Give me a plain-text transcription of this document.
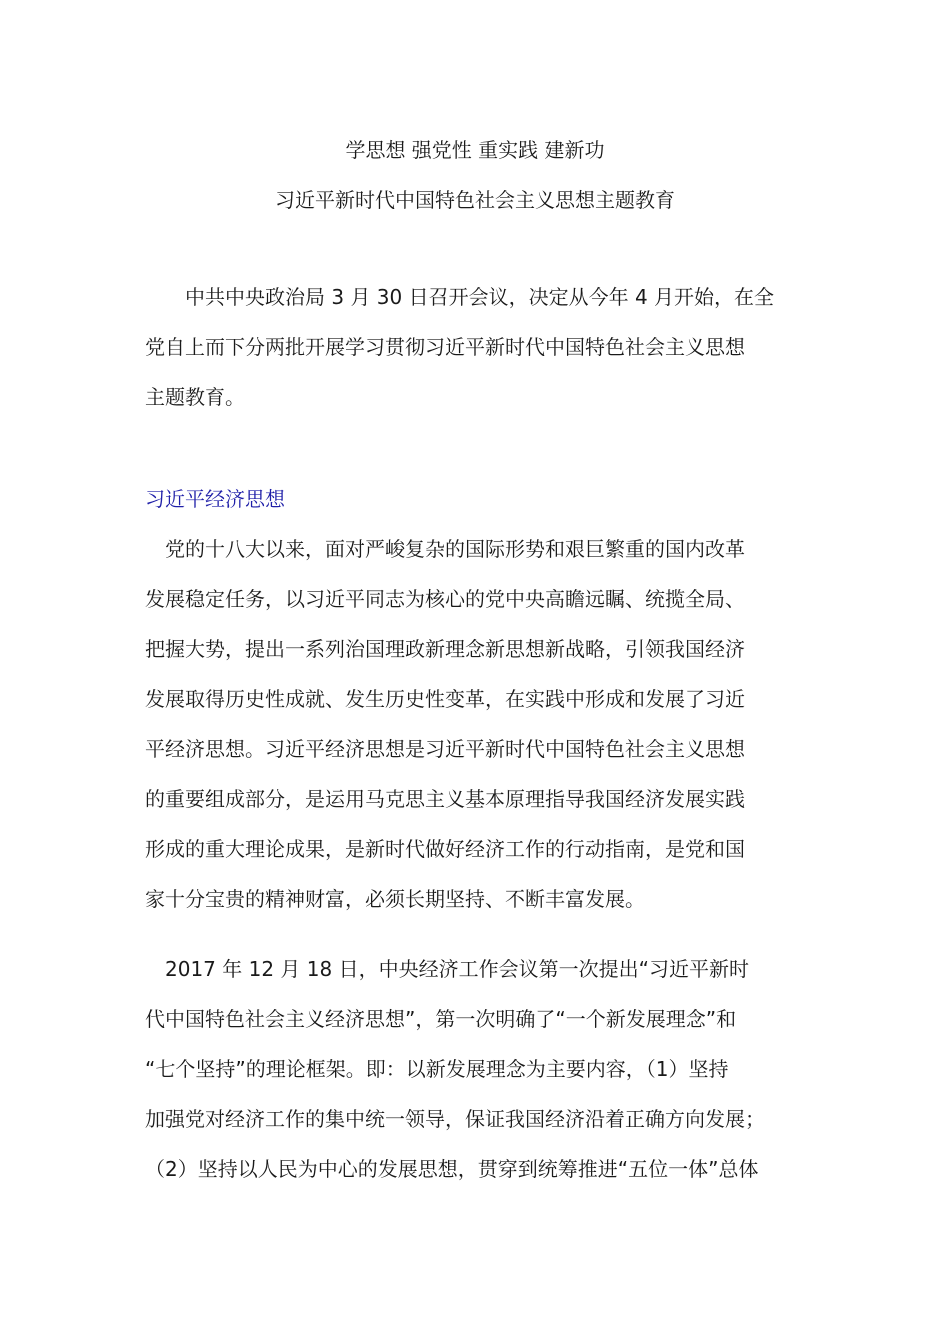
学思想 强党性 重实践 建新功
习近平新时代中国特色社会主义思想主题教育
　　中共中央政治局 3 月 30 日召开会议，决定从今年 4 月开始，在全
党自上而下分两批开展学习贯彻习近平新时代中国特色社会主义思想
主题教育。
习近平经济思想
　党的十八大以来，面对严峻复杂的国际形势和艰巨繁重的国内改革
发展稳定任务，以习近平同志为核心的党中央高瞻远瞩、统揽全局、
把握大势，提出一系列治国理政新理念新思想新战略，引领我国经济
发展取得历史性成就、发生历史性变革，在实践中形成和发展了习近
平经济思想。习近平经济思想是习近平新时代中国特色社会主义思想
的重要组成部分，是运用马克思主义基本原理指导我国经济发展实践
形成的重大理论成果，是新时代做好经济工作的行动指南，是党和国
家十分宝贵的精神财富，必须长期坚持、不断丰富发展。
　2017 年 12 月 18 日，中央经济工作会议第一次提出“习近平新时
代中国特色社会主义经济思想”，第一次明确了“一个新发展理念”和
“七个坚持”的理论框架。即：以新发展理念为主要内容，（1）坚持
加强党对经济工作的集中统一领导，保证我国经济沿着正确方向发展；
（2）坚持以人民为中心的发展思想，贯穿到统筹推进“五位一体”总体
